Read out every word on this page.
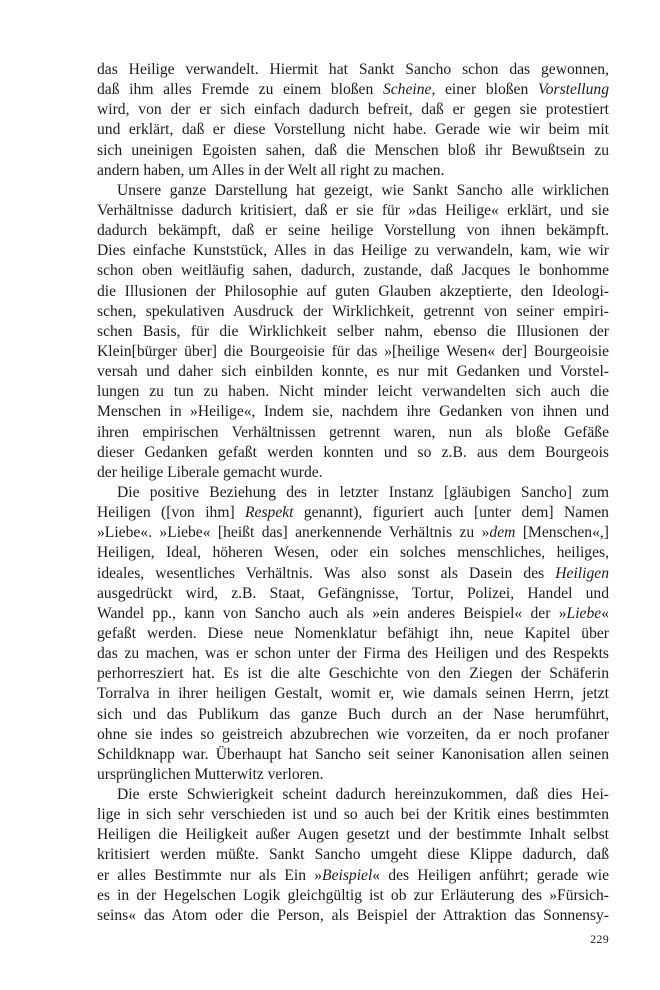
das Heilige verwandelt. Hiermit hat Sankt Sancho schon das gewonnen,
daß ihm alles Fremde zu einem bloßen Scheine, einer bloßen Vorstellung
wird, von der er sich einfach dadurch befreit, daß er gegen sie protestiert
und erklärt, daß er diese Vorstellung nicht habe. Gerade wie wir beim mit
sich uneinigen Egoisten sahen, daß die Menschen bloß ihr Bewußtsein zu
andern haben, um Alles in der Welt all right zu machen.
Unsere ganze Darstellung hat gezeigt, wie Sankt Sancho alle wirklichen
Verhältnisse dadurch kritisiert, daß er sie für »das Heilige« erklärt, und sie
dadurch bekämpft, daß er seine heilige Vorstellung von ihnen bekämpft.
Dies einfache Kunststück, Alles in das Heilige zu verwandeln, kam, wie wir
schon oben weitläufig sahen, dadurch, zustande, daß Jacques le bonhomme
die Illusionen der Philosophie auf guten Glauben akzeptierte, den Ideologi-
schen, spekulativen Ausdruck der Wirklichkeit, getrennt von seiner empiri-
schen Basis, für die Wirklichkeit selber nahm, ebenso die Illusionen der
Klein[bürger über] die Bourgeoisie für das »[heilige Wesen« der] Bourgeoisie
versah und daher sich einbilden konnte, es nur mit Gedanken und Vorstel-
lungen zu tun zu haben. Nicht minder leicht verwandelten sich auch die
Menschen in »Heilige«, Indem sie, nachdem ihre Gedanken von ihnen und
ihren empirischen Verhältnissen getrennt waren, nun als bloße Gefäße
dieser Gedanken gefaßt werden konnten und so z.B. aus dem Bourgeois
der heilige Liberale gemacht wurde.
Die positive Beziehung des in letzter Instanz [gläubigen Sancho] zum
Heiligen ([von ihm] Respekt genannt), figuriert auch [unter dem] Namen
»Liebe«. »Liebe« [heißt das] anerkennende Verhältnis zu »dem [Menschen«,]
Heiligen, Ideal, höheren Wesen, oder ein solches menschliches, heiliges,
ideales, wesentliches Verhältnis. Was also sonst als Dasein des Heiligen
ausgedrückt wird, z.B. Staat, Gefängnisse, Tortur, Polizei, Handel und
Wandel pp., kann von Sancho auch als »ein anderes Beispiel« der »Liebe«
gefaßt werden. Diese neue Nomenklatur befähigt ihn, neue Kapitel über
das zu machen, was er schon unter der Firma des Heiligen und des Respekts
perhorresziert hat. Es ist die alte Geschichte von den Ziegen der Schäferin
Torralva in ihrer heiligen Gestalt, womit er, wie damals seinen Herrn, jetzt
sich und das Publikum das ganze Buch durch an der Nase herumführt,
ohne sie indes so geistreich abzubrechen wie vorzeiten, da er noch profaner
Schildknapp war. Überhaupt hat Sancho seit seiner Kanonisation allen seinen
ursprünglichen Mutterwitz verloren.
Die erste Schwierigkeit scheint dadurch hereinzukommen, daß dies Hei-
lige in sich sehr verschieden ist und so auch bei der Kritik eines bestimmten
Heiligen die Heiligkeit außer Augen gesetzt und der bestimmte Inhalt selbst
kritisiert werden müßte. Sankt Sancho umgeht diese Klippe dadurch, daß
er alles Bestimmte nur als Ein »Beispiel« des Heiligen anführt; gerade wie
es in der Hegelschen Logik gleichgültig ist ob zur Erläuterung des »Fürsich-
seins« das Atom oder die Person, als Beispiel der Attraktion das Sonnensy-
229
